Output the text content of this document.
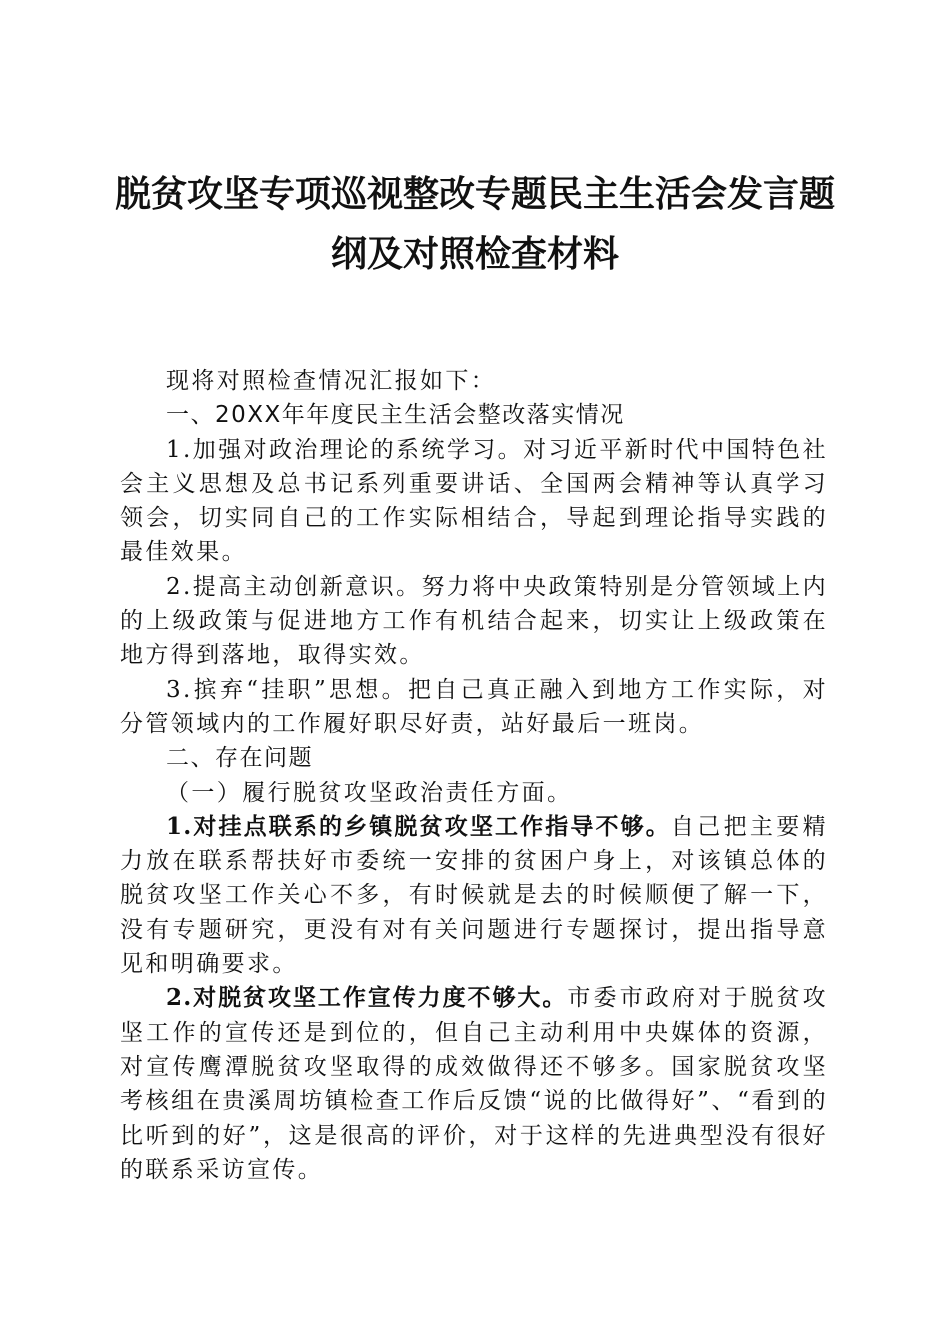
脱贫攻坚专项巡视整改专题民主生活会发言题
纲及对照检查材料

现将对照检查情况汇报如下：

一、20XX年年度民主生活会整改落实情况

1.加强对政治理论的系统学习。对习近平新时代中国特色社会主义思想及总书记系列重要讲话、全国两会精神等认真学习领会，切实同自己的工作实际相结合，导起到理论指导实践的最佳效果。

2.提高主动创新意识。努力将中央政策特别是分管领域上内的上级政策与促进地方工作有机结合起来，切实让上级政策在地方得到落地，取得实效。

3.摈弃“挂职”思想。把自己真正融入到地方工作实际，对分管领域内的工作履好职尽好责，站好最后一班岗。

二、存在问题

（一）履行脱贫攻坚政治责任方面。

1.对挂点联系的乡镇脱贫攻坚工作指导不够。自己把主要精力放在联系帮扶好市委统一安排的贫困户身上，对该镇总体的脱贫攻坚工作关心不多，有时候就是去的时候顺便了解一下，没有专题研究，更没有对有关问题进行专题探讨，提出指导意见和明确要求。

2.对脱贫攻坚工作宣传力度不够大。市委市政府对于脱贫攻坚工作的宣传还是到位的，但自己主动利用中央媒体的资源，对宣传鹰潭脱贫攻坚取得的成效做得还不够多。国家脱贫攻坚考核组在贵溪周坊镇检查工作后反馈“说的比做得好”、“看到的比听到的好”，这是很高的评价，对于这样的先进典型没有很好的联系采访宣传。
